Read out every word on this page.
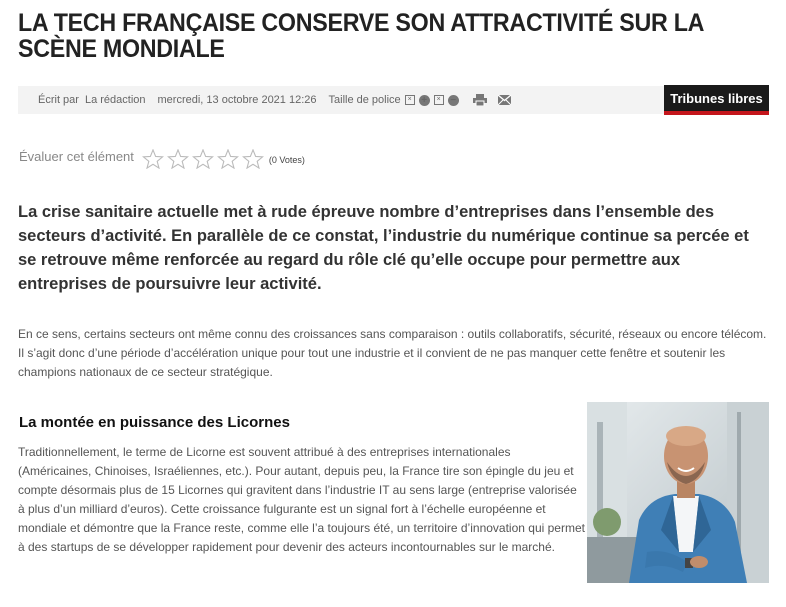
LA TECH FRANÇAISE CONSERVE SON ATTRACTIVITÉ SUR LA SCÈNE MONDIALE
Écrit par La rédaction mercredi, 13 octobre 2021 12:26 Taille de police × +	× −	Tribunes libres
Évaluer cet élément	(0 Votes)

La crise sanitaire actuelle met à rude épreuve nombre d’entreprises dans l’ensemble des secteurs d’activité. En parallèle de ce constat, l’industrie du numérique continue sa percée et se retrouve même renforcée au regard du rôle clé qu’elle occupe pour permettre aux entreprises de poursuivre leur activité.

En ce sens, certains secteurs ont même connu des croissances sans comparaison : outils collaboratifs, sécurité, réseaux ou encore télécom. Il s’agit donc d’une période d’accélération unique pour tout une industrie et il convient de ne pas manquer cette fenêtre et soutenir les champions nationaux de ce secteur stratégique.

La montée en puissance des Licornes

Traditionnellement, le terme de Licorne est souvent attribué à des entreprises internationales (Américaines, Chinoises, Israéliennes, etc.). Pour autant, depuis peu, la France tire son épingle du jeu et compte désormais plus de 15 Licornes qui gravitent dans l’industrie IT au sens large (entreprise valorisée à plus d’un milliard d’euros). Cette croissance fulgurante est un signal fort à l’échelle européenne et mondiale et démontre que la France reste, comme elle l’a toujours été, un territoire d’innovation qui permet à des startups de se développer rapidement pour devenir des acteurs incontournables sur le marché.
